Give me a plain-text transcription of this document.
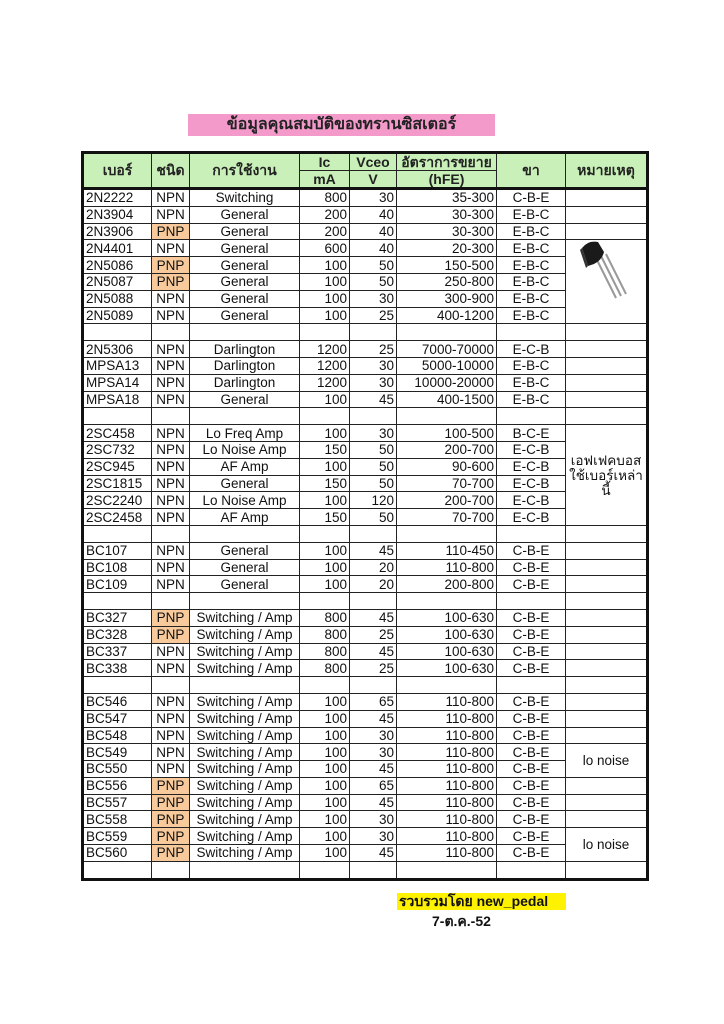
ข้อมูลคุณสมบัติของทรานซิสเตอร์
เบอร์	ชนิด	การใช้งาน	Ic	Vceo	อัตราการขยาย	ขา	หมายเหตุ
			mA	V	(hFE)		
2N2222	NPN	Switching	800	30	35-300	C-B-E	
2N3904	NPN	General	200	40	30-300	E-B-C	
2N3906	PNP	General	200	40	30-300	E-B-C	
2N4401	NPN	General	600	40	20-300	E-B-C	
2N5086	PNP	General	100	50	150-500	E-B-C	
2N5087	PNP	General	100	50	250-800	E-B-C	
2N5088	NPN	General	100	30	300-900	E-B-C	
2N5089	NPN	General	100	25	400-1200	E-B-C	

2N5306	NPN	Darlington	1200	25	7000-70000	E-C-B	
MPSA13	NPN	Darlington	1200	30	5000-10000	E-B-C	
MPSA14	NPN	Darlington	1200	30	10000-20000	E-B-C	
MPSA18	NPN	General	100	45	400-1500	E-B-C	

2SC458	NPN	Lo Freq Amp	100	30	100-500	B-C-E	เอฟเฟคบอส ใช้เบอร์เหล่านี้
2SC732	NPN	Lo Noise Amp	150	50	200-700	E-C-B	
2SC945	NPN	AF Amp	100	50	90-600	E-C-B	
2SC1815	NPN	General	150	50	70-700	E-C-B	
2SC2240	NPN	Lo Noise Amp	100	120	200-700	E-C-B	
2SC2458	NPN	AF Amp	150	50	70-700	E-C-B	

BC107	NPN	General	100	45	110-450	C-B-E	
BC108	NPN	General	100	20	110-800	C-B-E	
BC109	NPN	General	100	20	200-800	C-B-E	

BC327	PNP	Switching / Amp	800	45	100-630	C-B-E	
BC328	PNP	Switching / Amp	800	25	100-630	C-B-E	
BC337	NPN	Switching / Amp	800	45	100-630	C-B-E	
BC338	NPN	Switching / Amp	800	25	100-630	C-B-E	

BC546	NPN	Switching / Amp	100	65	110-800	C-B-E	
BC547	NPN	Switching / Amp	100	45	110-800	C-B-E	
BC548	NPN	Switching / Amp	100	30	110-800	C-B-E	
BC549	NPN	Switching / Amp	100	30	110-800	C-B-E	lo noise
BC550	NPN	Switching / Amp	100	45	110-800	C-B-E	
BC556	PNP	Switching / Amp	100	65	110-800	C-B-E	
BC557	PNP	Switching / Amp	100	45	110-800	C-B-E	
BC558	PNP	Switching / Amp	100	30	110-800	C-B-E	
BC559	PNP	Switching / Amp	100	30	110-800	C-B-E	lo noise
BC560	PNP	Switching / Amp	100	45	110-800	C-B-E	

รวบรวมโดย new_pedal
7-ต.ค.-52
